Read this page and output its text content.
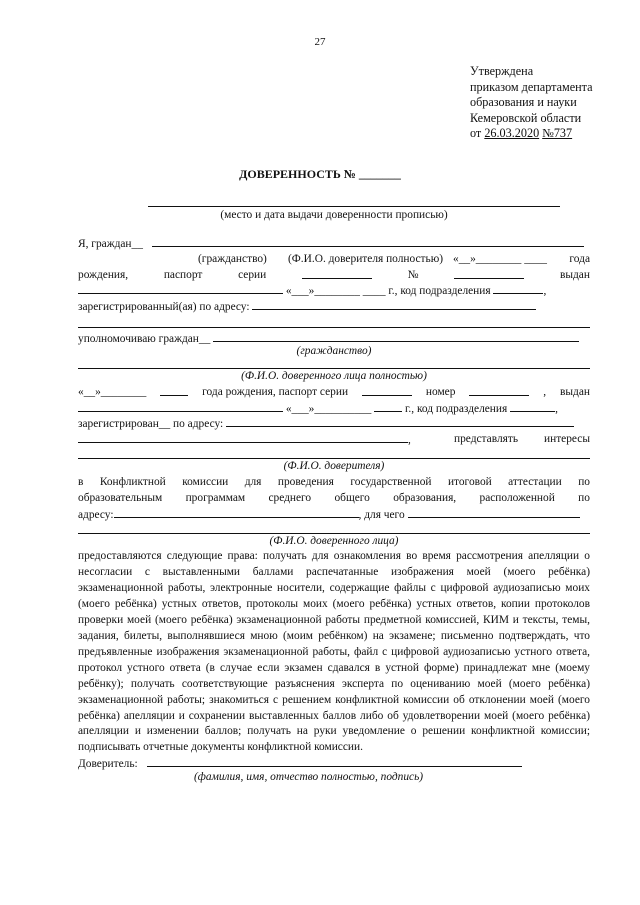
27
Утверждена
приказом департамента
образования и науки
Кемеровской области
от 26.03.2020 №737
ДОВЕРЕННОСТЬ № _______
(место и дата выдачи доверенности прописью)
Я, граждан__
(гражданство) (Ф.И.О. доверителя полностью) «__»________ ____ года
рождения,	паспорт	серии	№	выдан
«___»________ ____ г., код подразделения	,
зарегистрированный(ая) по адресу:
уполномочиваю граждан__
(гражданство)
(Ф.И.О. доверенного лица полностью)
«__»________	года рождения, паспорт серии	номер	, выдан
«___»__________	г., код подразделения	,
зарегистрирован__ по адресу:
,	представлять интересы
(Ф.И.О. доверителя)
в Конфликтной комиссии для проведения государственной итоговой аттестации по
образовательным программам среднего общего образования, расположенной по
адресу:	, для чего
(Ф.И.О. доверенного лица)
предоставляются следующие права: получать для ознакомления во время рассмотрения апелляции о несогласии с выставленными баллами распечатанные изображения моей (моего ребёнка) экзаменационной работы, электронные носители, содержащие файлы с цифровой аудиозаписью моих (моего ребёнка) устных ответов, протоколы моих (моего ребёнка) устных ответов, копии протоколов проверки моей (моего ребёнка) экзаменационной работы предметной комиссией, КИМ и тексты, темы, задания, билеты, выполнявшиеся мною (моим ребёнком) на экзамене; письменно подтверждать, что предъявленные изображения экзаменационной работы, файл с цифровой аудиозаписью устного ответа, протокол устного ответа (в случае если экзамен сдавался в устной форме) принадлежат мне (моему ребёнку); получать соответствующие разъяснения эксперта по оцениванию моей (моего ребёнка) экзаменационной работы; знакомиться с решением конфликтной комиссии об отклонении моей (моего ребёнка) апелляции и сохранении выставленных баллов либо об удовлетворении моей (моего ребёнка) апелляции и изменении баллов; получать на руки уведомление о решении конфликтной комиссии; подписывать отчетные документы конфликтной комиссии.
Доверитель:
(фамилия, имя, отчество полностью, подпись)
